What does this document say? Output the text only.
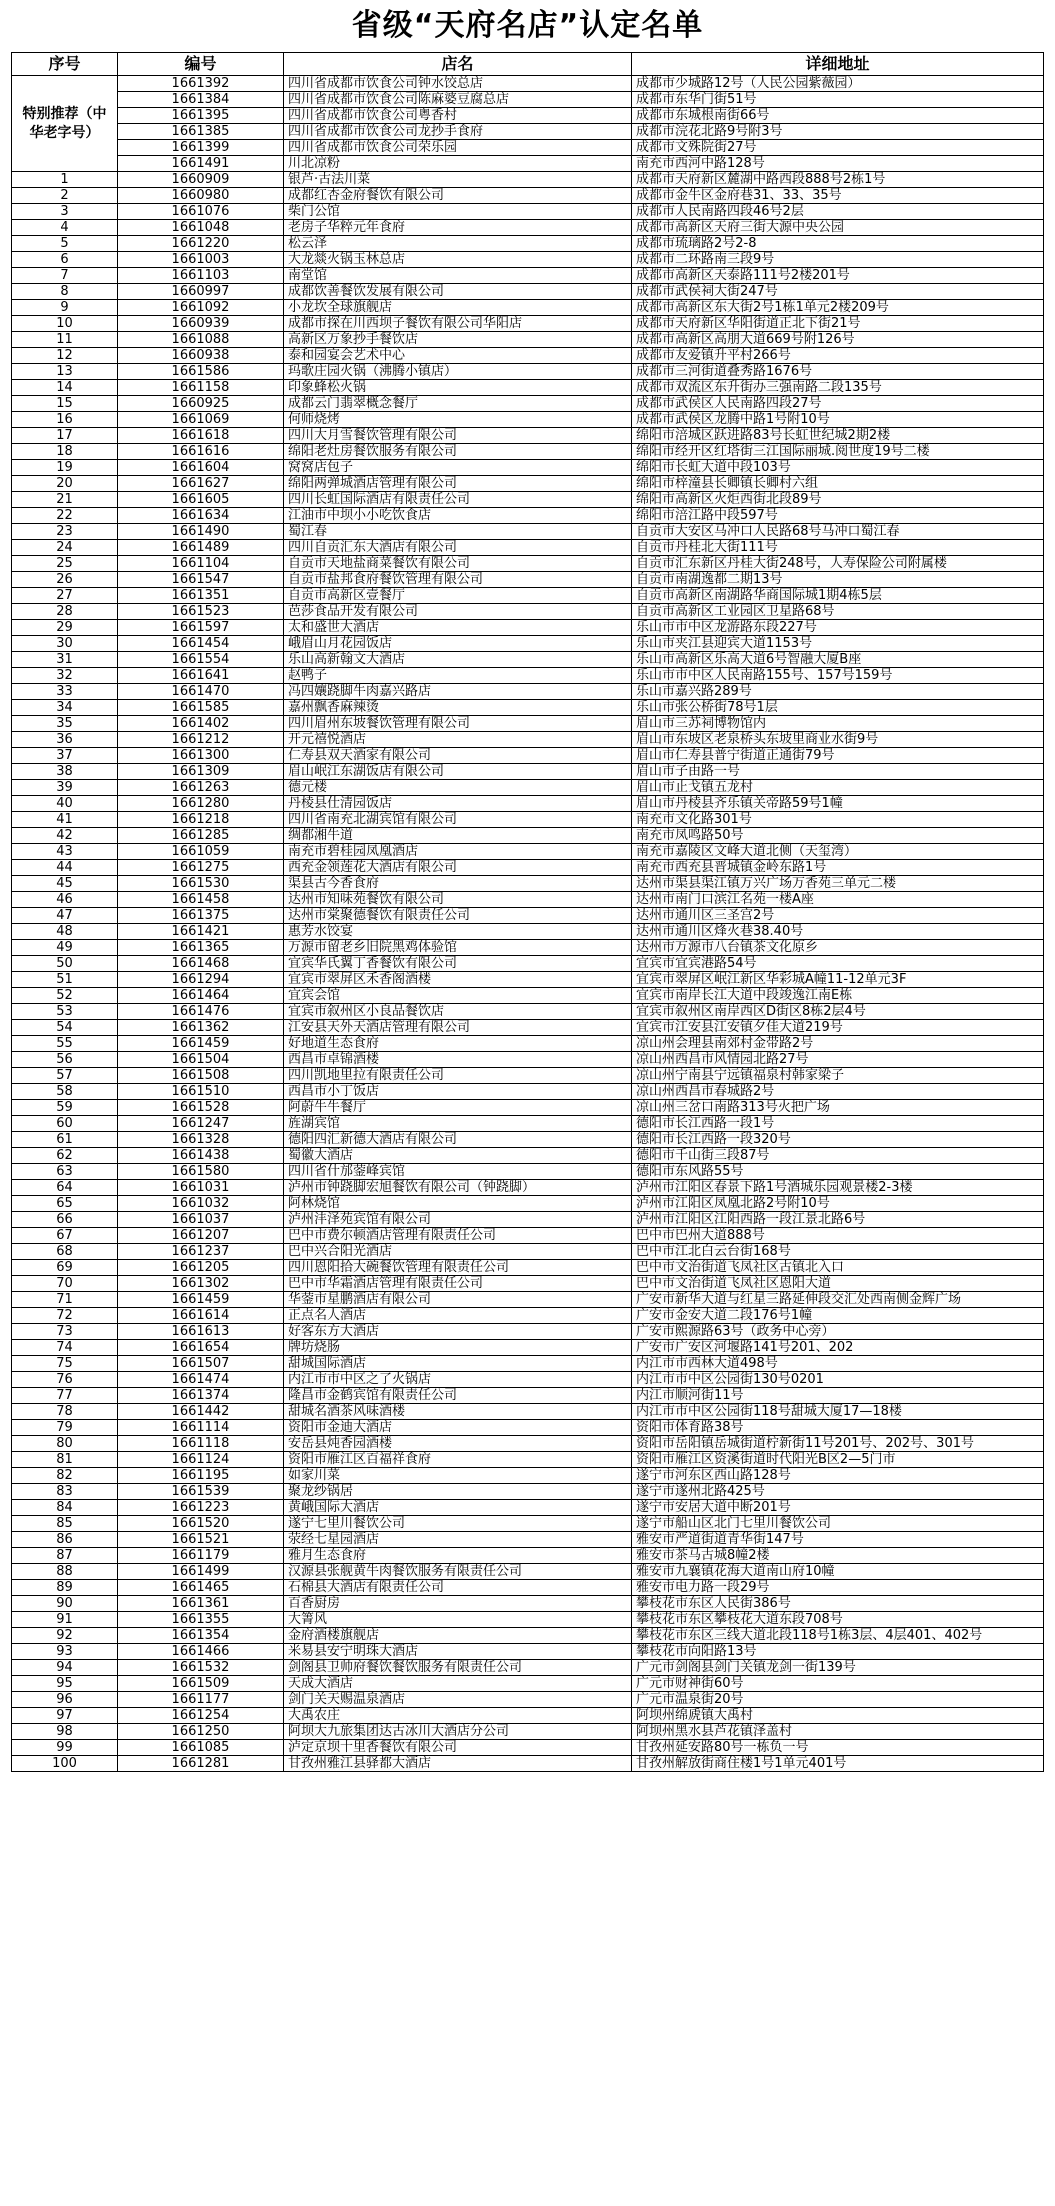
省级“天府名店”认定名单
序号	编号	店名	详细地址
特别推荐（中华老字号）	1661392	四川省成都市饮食公司钟水饺总店	成都市少城路12号（人民公园紫薇园）
	1661384	四川省成都市饮食公司陈麻婆豆腐总店	成都市东华门街51号
	1661395	四川省成都市饮食公司粤香村	成都市东城根南街66号
	1661385	四川省成都市饮食公司龙抄手食府	成都市浣花北路9号附3号
	1661399	四川省成都市饮食公司荣乐园	成都市文殊院街27号
	1661491	川北凉粉	南充市西河中路128号
1	1660909	银芦·古法川菜	成都市天府新区麓湖中路西段888号2栋1号
2	1660980	成都红杏金府餐饮有限公司	成都市金牛区金府巷31、33、35号
3	1661076	柴门公馆	成都市人民南路四段46号2层
4	1661048	老房子华粹元年食府	成都市高新区天府三街大源中央公园
5	1661220	松云泽	成都市琉璃路2号2-8
6	1661003	大龙燚火锅玉林总店	成都市二环路南三段9号
7	1661103	南堂馆	成都市高新区天泰路111号2楼201号
8	1660997	成都饮善餐饮发展有限公司	成都市武侯祠大街247号
9	1661092	小龙坎全球旗舰店	成都市高新区东大街2号1栋1单元2楼209号
10	1660939	成都市探在川西坝子餐饮有限公司华阳店	成都市天府新区华阳街道正北下街21号
11	1661088	高新区万象抄手餐饮店	成都市高新区高朋大道669号附126号
12	1660938	泰和园宴会艺术中心	成都市友爱镇升平村266号
13	1661586	玛歌庄园火锅（沸腾小镇店）	成都市三河街道叠秀路1676号
14	1661158	印象蜂松火锅	成都市双流区东升街办三强南路二段135号
15	1660925	成都云门翡翠概念餐厅	成都市武侯区人民南路四段27号
16	1661069	何师烧烤	成都市武侯区龙腾中路1号附10号
17	1661618	四川大月雪餐饮管理有限公司	绵阳市涪城区跃进路83号长虹世纪城2期2楼
18	1661616	绵阳老灶房餐饮服务有限公司	绵阳市经开区红塔街三江国际丽城.阅世度19号二楼
19	1661604	窝窝店包子	绵阳市长虹大道中段103号
20	1661627	绵阳两弹城酒店管理有限公司	绵阳市梓潼县长卿镇长卿村六组
21	1661605	四川长虹国际酒店有限责任公司	绵阳市高新区火炬西街北段89号
22	1661634	江油市中坝小小吃饮食店	绵阳市涪江路中段597号
23	1661490	蜀江春	自贡市大安区马冲口人民路68号马冲口蜀江春
24	1661489	四川自贡汇东大酒店有限公司	自贡市丹桂北大街111号
25	1661104	自贡市天地盐商菜餐饮有限公司	自贡市汇东新区丹桂大街248号，人寿保险公司附属楼
26	1661547	自贡市盐邦食府餐饮管理有限公司	自贡市南湖逸都二期13号
27	1661351	自贡市高新区壹餐厅	自贡市高新区南湖路华商国际城1期4栋5层
28	1661523	芭莎食品开发有限公司	自贡市高新区工业园区卫星路68号
29	1661597	太和盛世大酒店	乐山市市中区龙游路东段227号
30	1661454	峨眉山月花园饭店	乐山市夹江县迎宾大道1153号
31	1661554	乐山高新翰文大酒店	乐山市高新区乐高大道6号智融大厦B座
32	1661641	赵鸭子	乐山市市中区人民南路155号、157号159号
33	1661470	冯四孃跷脚牛肉嘉兴路店	乐山市嘉兴路289号
34	1661585	嘉州飘香麻辣烫	乐山市张公桥街78号1层
35	1661402	四川眉州东坡餐饮管理有限公司	眉山市三苏祠博物馆内
36	1661212	开元禧悦酒店	眉山市东坡区老泉桥头东坡里商业水街9号
37	1661300	仁寿县双天酒家有限公司	眉山市仁寿县普宁街道正通街79号
38	1661309	眉山岷江东湖饭店有限公司	眉山市子由路一号
39	1661263	德元楼	眉山市止戈镇五龙村
40	1661280	丹棱县仕清园饭店	眉山市丹棱县齐乐镇关帝路59号1幢
41	1661218	四川省南充北湖宾馆有限公司	南充市文化路301号
42	1661285	绸都湘牛道	南充市凤鸣路50号
43	1661059	南充市碧桂园凤凰酒店	南充市嘉陵区文峰大道北侧（天玺湾）
44	1661275	西充金领莲花大酒店有限公司	南充市西充县晋城镇金岭东路1号
45	1661530	渠县古今香食府	达州市渠县渠江镇万兴广场万香苑三单元二楼
46	1661458	达州市知味苑餐饮有限公司	达州市南门口滨江名苑一楼A座
47	1661375	达州市棠聚德餐饮有限责任公司	达州市通川区三圣宫2号
48	1661421	惠芳水饺宴	达州市通川区烽火巷38.40号
49	1661365	万源市留老乡旧院黑鸡体验馆	达州市万源市八台镇茶文化原乡
50	1661468	宜宾华氏翼丁香餐饮有限公司	宜宾市宜宾港路54号
51	1661294	宜宾市翠屏区禾香阁酒楼	宜宾市翠屏区岷江新区华彩城A幢11-12单元3F
52	1661464	宜宾会馆	宜宾市南岸长江大道中段竣逸江南E栋
53	1661476	宜宾市叙州区小良品餐饮店	宜宾市叙州区南岸西区D街区8栋2层4号
54	1661362	江安县天外天酒店管理有限公司	宜宾市江安县江安镇夕佳大道219号
55	1661459	好地道生态食府	凉山州会理县南郊村金带路2号
56	1661504	西昌市卓锦酒楼	凉山州西昌市风情园北路27号
57	1661508	四川凯地里拉有限责任公司	凉山州宁南县宁远镇福泉村韩家梁子
58	1661510	西昌市小丁饭店	凉山州西昌市春城路2号
59	1661528	阿蔚牛牛餐厅	凉山州三岔口南路313号火把广场
60	1661247	旌湖宾馆	德阳市长江西路一段1号
61	1661328	德阳四汇新德大酒店有限公司	德阳市长江西路一段320号
62	1661438	蜀徽大酒店	德阳市千山街三段87号
63	1661580	四川省什邡蓥峰宾馆	德阳市东风路55号
64	1661031	泸州市钟跷脚宏旭餐饮有限公司（钟跷脚）	泸州市江阳区春景下路1号酒城乐园观景楼2-3楼
65	1661032	阿林烧馆	泸州市江阳区凤凰北路2号附10号
66	1661037	泸州沣泽苑宾馆有限公司	泸州市江阳区江阳西路一段江景北路6号
67	1661207	巴中市费尔顿酒店管理有限责任公司	巴中市巴州大道888号
68	1661237	巴中兴合阳光酒店	巴中市江北白云台街168号
69	1661205	四川恩阳拾大碗餐饮管理有限责任公司	巴中市文治街道飞凤社区古镇北入口
70	1661302	巴中市华霜酒店管理有限责任公司	巴中市文治街道飞凤社区恩阳大道
71	1661459	华蓥市星鹏酒店有限公司	广安市新华大道与红星三路延伸段交汇处西南侧金辉广场
72	1661614	正点名人酒店	广安市金安大道二段176号1幢
73	1661613	好客东方大酒店	广安市熙源路63号（政务中心旁）
74	1661654	牌坊烧肠	广安市广安区河堰路141号201、202
75	1661507	甜城国际酒店	内江市市西林大道498号
76	1661474	内江市市中区之了火锅店	内江市市中区公园街130号0201
77	1661374	隆昌市金鹤宾馆有限责任公司	内江市顺河街11号
78	1661442	甜城名酒茶风味酒楼	内江市市中区公园街118号甜城大厦17—18楼
79	1661114	资阳市金迪大酒店	资阳市体育路38号
80	1661118	安岳县炖香园酒楼	资阳市岳阳镇岳城街道柠新街11号201号、202号、301号
81	1661124	资阳市雁江区百福祥食府	资阳市雁江区资溪街道时代阳光B区2—5门市
82	1661195	如家川菜	遂宁市河东区西山路128号
83	1661539	聚龙纱锅居	遂宁市遂州北路425号
84	1661223	黄峨国际大酒店	遂宁市安居大道中断201号
85	1661520	遂宁七里川餐饮公司	遂宁市船山区北门七里川餐饮公司
86	1661521	荥经七星园酒店	雅安市严道街道青华街147号
87	1661179	雅月生态食府	雅安市茶马古城8幢2楼
88	1661499	汉源县张舰黄牛肉餐饮服务有限责任公司	雅安市九襄镇花海大道南山府10幢
89	1661465	石棉县大酒店有限责任公司	雅安市电力路一段29号
90	1661361	百香厨房	攀枝花市东区人民街386号
91	1661355	大箐风	攀枝花市东区攀枝花大道东段708号
92	1661354	金府酒楼旗舰店	攀枝花市东区三线大道北段118号1栋3层、4层401、402号
93	1661466	米易县安宁明珠大酒店	攀枝花市向阳路13号
94	1661532	剑阁县卫帅府餐饮餐饮服务有限责任公司	广元市剑阁县剑门关镇龙剑一街139号
95	1661509	天成大酒店	广元市财神街60号
96	1661177	剑门关天赐温泉酒店	广元市温泉街20号
97	1661254	大禹农庄	阿坝州绵虒镇大禹村
98	1661250	阿坝大九旅集团达古冰川大酒店分公司	阿坝州黑水县芦花镇泽盖村
99	1661085	泸定京坝十里香餐饮有限公司	甘孜州延安路80号一栋负一号
100	1661281	甘孜州雅江县驿都大酒店	甘孜州解放街商住楼1号1单元401号
